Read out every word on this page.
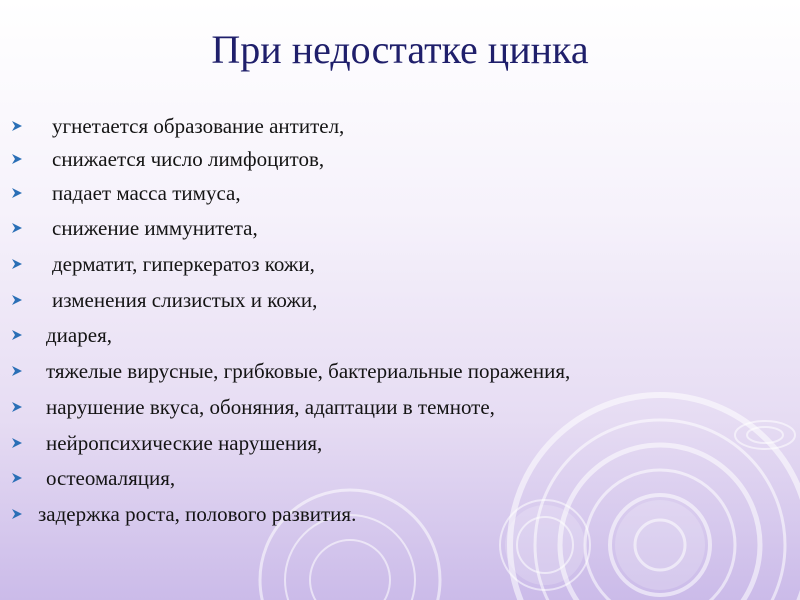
При недостатке цинка
угнетается образование антител,
снижается число лимфоцитов,
падает масса тимуса,
снижение иммунитета,
дерматит, гиперкератоз кожи,
изменения слизистых и кожи,
диарея,
тяжелые вирусные, грибковые, бактериальные поражения,
нарушение вкуса, обоняния, адаптации в темноте,
нейропсихические нарушения,
остеомаляция,
задержка роста, полового развития.
